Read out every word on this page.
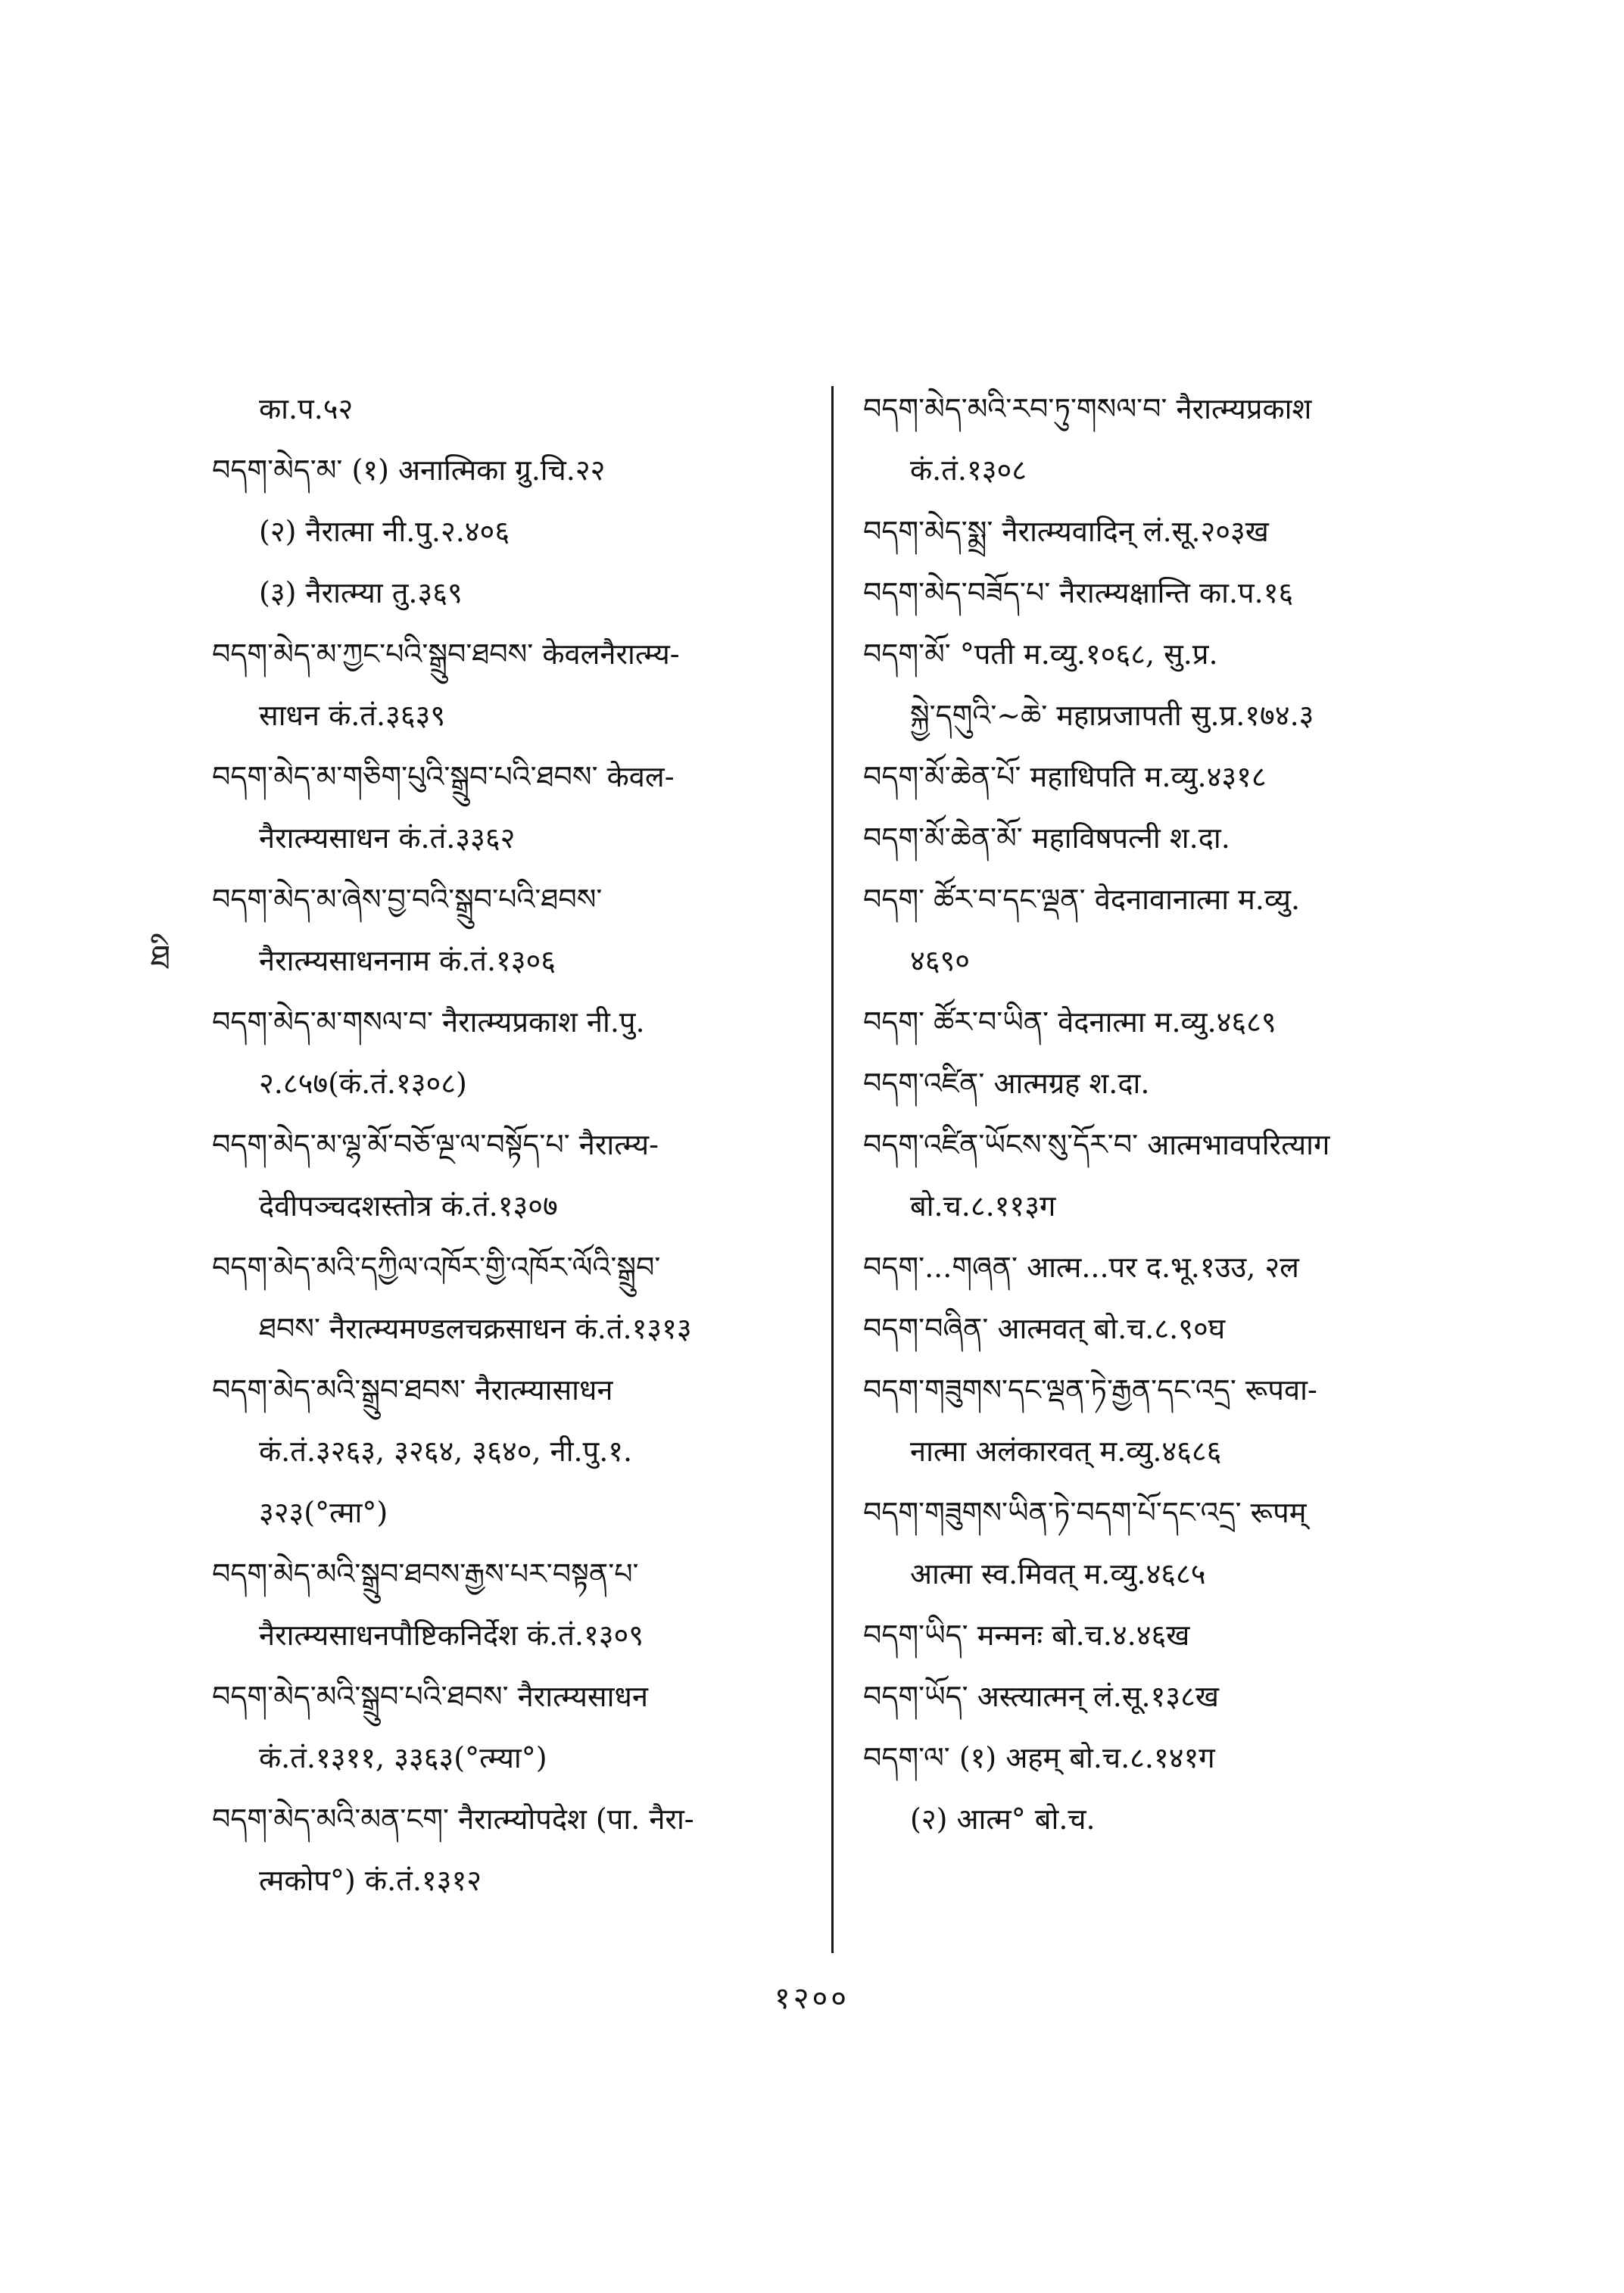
ཐི
का.प.५२
བདག་མེད་མ་ (१) अनात्मिका ग्रु.चि.२२
(२) नैरात्मा नी.पु.२.४०६
(३) नैरात्म्या तु.३६९
བདག་མེད་མ་ཀྱང་པའི་སྒྲུབ་ཐབས་ केवलनैरात्म्य-
साधन कं.तं.३६३९
བདག་མེད་མ་གཅིག་པུའི་སྒྲུབ་པའི་ཐབས་ केवल-
नैरात्म्यसाधन कं.तं.३३६२
བདག་མེད་མ་ཞེས་བྱ་བའི་སྒྲུབ་པའི་ཐབས་
नैरात्म्यसाधननाम कं.तं.१३०६
བདག་མེད་མ་གསལ་བ་ नैरात्म्यप्रकाश नी.पु.
२.८५७(कं.तं.१३०८)
བདག་མེད་མ་ལྷ་མོ་བཅོ་ལྔ་ལ་བསྟོད་པ་ नैरात्म्य-
देवीपञ्चदशस्तोत्र कं.तं.१३०७
བདག་མེད་མའི་དཀྱིལ་འཁོར་གྱི་འཁོར་ལོའི་སྒྲུབ་
ཐབས་ नैरात्म्यमण्डलचक्रसाधन कं.तं.१३१३
བདག་མེད་མའི་སྒྲུབ་ཐབས་ नैरात्म्यासाधन
कं.तं.३२६३, ३२६४, ३६४०, नी.पु.१.
३२३(°त्मा°)
བདག་མེད་མའི་སྒྲུབ་ཐབས་རྒྱས་པར་བསྟན་པ་
नैरात्म्यसाधनपौष्टिकनिर्देश कं.तं.१३०९
བདག་མེད་མའི་སྒྲུབ་པའི་ཐབས་ नैरात्म्यसाधन
कं.तं.१३११, ३३६३(°त्म्या°)
བདག་མེད་མའི་མན་ངག་ नैरात्म्योपदेश (पा. नैरा-
त्मकोप°) कं.तं.१३१२
བདག་མེད་མའི་རབ་ཏུ་གསལ་བ་ नैरात्म्यप्रकाश
कं.तं.१३०८
བདག་མེད་སྨྲ་ नैरात्म्यवादिन् लं.सू.२०३ख
བདག་མེད་བཟོད་པ་ नैरात्म्यक्षान्ति का.प.१६
བདག་མོ་ °पती म.व्यु.१०६८, सु.प्र.
སྐྱེ་དགུའི་~ཆེ་ महाप्रजापती सु.प्र.१७४.३
བདག་མོ་ཆེན་པོ་ महाधिपति म.व्यु.४३१८
བདག་མོ་ཆེན་མོ་ महाविषपत्नी श.दा.
བདག་ ཚོར་བ་དང་ལྡན་ वेदनावानात्मा म.व्यु.
४६९०
བདག་ ཚོར་བ་ཡིན་ वेदनात्मा म.व्यु.४६८९
བདག་འཛིན་ आत्मग्रह श.दा.
བདག་འཛིན་ཡོངས་སུ་དོར་བ་ आत्मभावपरित्याग
बो.च.८.११३ग
བདག་...གཞན་ आत्म...पर द.भू.१उउ, २ल
བདག་བཞིན་ आत्मवत् बो.च.८.९०घ
བདག་གཟུགས་དང་ལྡན་ཏེ་རྒྱན་དང་འདྲ་ रूपवा-
नात्मा अलंकारवत् म.व्यु.४६८६
བདག་གཟུགས་ཡིན་ཏེ་བདག་པོ་དང་འདྲ་ रूपम्
आत्मा स्व.मिवत् म.व्यु.४६८५
བདག་ཡིད་ मन्मनः बो.च.४.४६ख
བདག་ཡོད་ अस्त्यात्मन् लं.सू.१३८ख
བདག་ལ་ (१) अहम् बो.च.८.१४१ग
(२) आत्म° बो.च.
१२००
